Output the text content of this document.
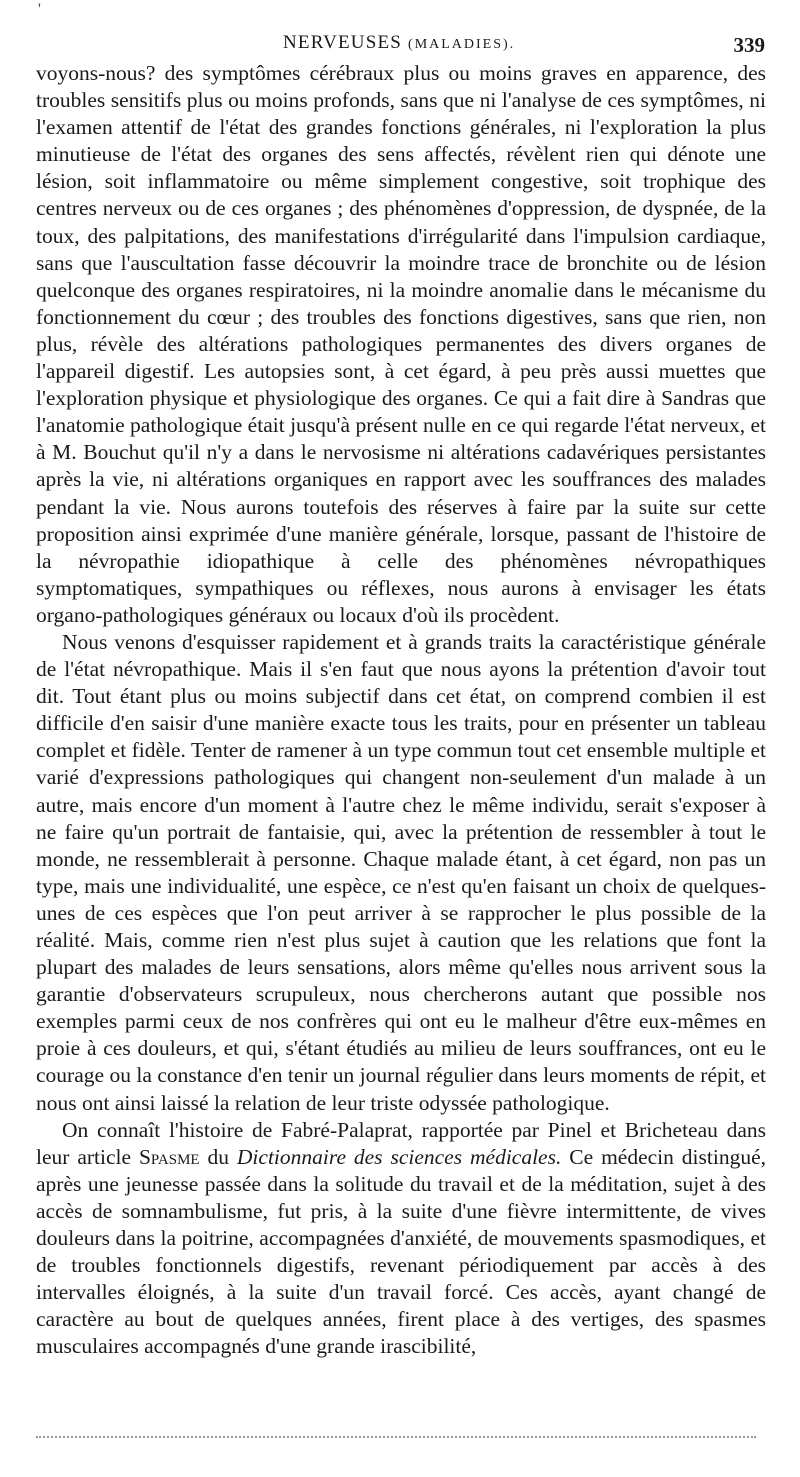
'
NERVEUSES (MALADIES).	339

voyons-nous? des symptômes cérébraux plus ou moins graves en apparence, des troubles sensitifs plus ou moins profonds, sans que ni l'analyse de ces symptômes, ni l'examen attentif de l'état des grandes fonctions générales, ni l'exploration la plus minutieuse de l'état des organes des sens affectés, révèlent rien qui dénote une lésion, soit inflammatoire ou même simplement congestive, soit trophique des centres nerveux ou de ces organes ; des phénomènes d'oppression, de dyspnée, de la toux, des palpitations, des manifestations d'irrégularité dans l'impulsion cardiaque, sans que l'auscultation fasse découvrir la moindre trace de bronchite ou de lésion quelconque des organes respiratoires, ni la moindre anomalie dans le mécanisme du fonctionnement du cœur ; des troubles des fonctions digestives, sans que rien, non plus, révèle des altérations pathologiques permanentes des divers organes de l'appareil digestif. Les autopsies sont, à cet égard, à peu près aussi muettes que l'exploration physique et physiologique des organes. Ce qui a fait dire à Sandras que l'anatomie pathologique était jusqu'à présent nulle en ce qui regarde l'état nerveux, et à M. Bouchut qu'il n'y a dans le nervosisme ni altérations cadavériques persistantes après la vie, ni altérations organiques en rapport avec les souffrances des malades pendant la vie. Nous aurons toutefois des réserves à faire par la suite sur cette proposition ainsi exprimée d'une manière générale, lorsque, passant de l'histoire de la névropathie idiopathique à celle des phénomènes névropathiques symptomatiques, sympathiques ou réflexes, nous aurons à envisager les états organo-pathologiques généraux ou locaux d'où ils procèdent.

Nous venons d'esquisser rapidement et à grands traits la caractéristique générale de l'état névropathique. Mais il s'en faut que nous ayons la prétention d'avoir tout dit. Tout étant plus ou moins subjectif dans cet état, on comprend combien il est difficile d'en saisir d'une manière exacte tous les traits, pour en présenter un tableau complet et fidèle. Tenter de ramener à un type commun tout cet ensemble multiple et varié d'expressions pathologiques qui changent non-seulement d'un malade à un autre, mais encore d'un moment à l'autre chez le même individu, serait s'exposer à ne faire qu'un portrait de fantaisie, qui, avec la prétention de ressembler à tout le monde, ne ressemblerait à personne. Chaque malade étant, à cet égard, non pas un type, mais une individualité, une espèce, ce n'est qu'en faisant un choix de quelques-unes de ces espèces que l'on peut arriver à se rapprocher le plus possible de la réalité. Mais, comme rien n'est plus sujet à caution que les relations que font la plupart des malades de leurs sensations, alors même qu'elles nous arrivent sous la garantie d'observateurs scrupuleux, nous chercherons autant que possible nos exemples parmi ceux de nos confrères qui ont eu le malheur d'être eux-mêmes en proie à ces douleurs, et qui, s'étant étudiés au milieu de leurs souffrances, ont eu le courage ou la constance d'en tenir un journal régulier dans leurs moments de répit, et nous ont ainsi laissé la relation de leur triste odyssée pathologique.

On connaît l'histoire de Fabré-Palaprat, rapportée par Pinel et Bricheteau dans leur article Spasme du Dictionnaire des sciences médicales. Ce médecin distingué, après une jeunesse passée dans la solitude du travail et de la méditation, sujet à des accès de somnambulisme, fut pris, à la suite d'une fièvre intermittente, de vives douleurs dans la poitrine, accompagnées d'anxiété, de mouvements spasmodiques, et de troubles fonctionnels digestifs, revenant périodiquement par accès à des intervalles éloignés, à la suite d'un travail forcé. Ces accès, ayant changé de caractère au bout de quelques années, firent place à des vertiges, des spasmes musculaires accompagnés d'une grande irascibilité,
